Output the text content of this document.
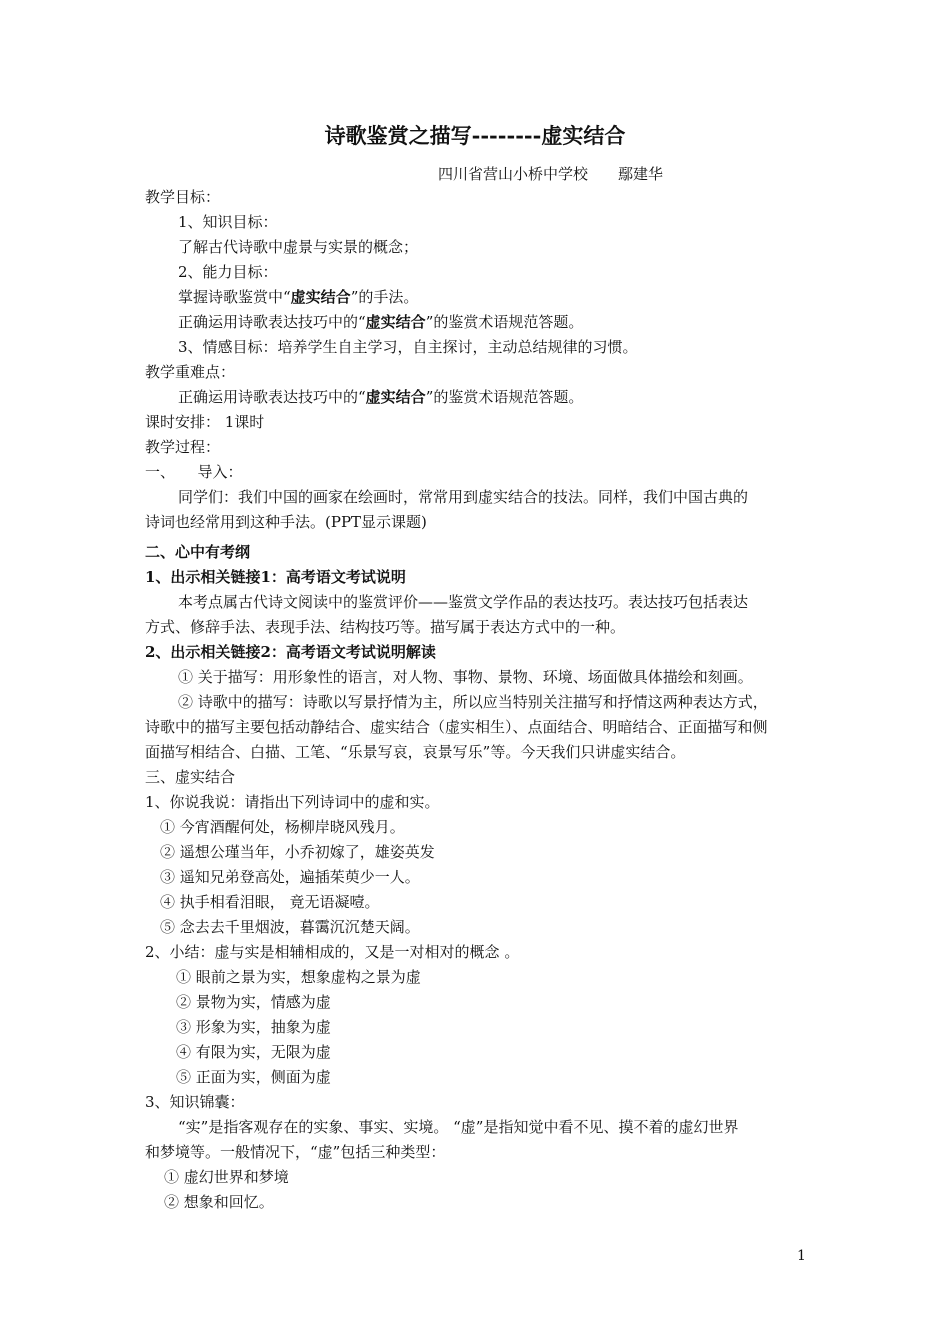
诗歌鉴赏之描写--------虚实结合
四川省营山小桥中学校　　鄢建华
教学目标：
1、知识目标：
了解古代诗歌中虚景与实景的概念；
2、能力目标：
掌握诗歌鉴赏中“虚实结合”的手法。
正确运用诗歌表达技巧中的“虚实结合”的鉴赏术语规范答题。
3、情感目标：培养学生自主学习，自主探讨，主动总结规律的习惯。
教学重难点：
正确运用诗歌表达技巧中的“虚实结合”的鉴赏术语规范答题。
课时安排： 1课时
教学过程：
一、　　导入：
同学们：我们中国的画家在绘画时，常常用到虚实结合的技法。同样，我们中国古典的
诗词也经常用到这种手法。(PPT显示课题)
二、心中有考纲
1、出示相关链接1：高考语文考试说明
本考点属古代诗文阅读中的鉴赏评价——鉴赏文学作品的表达技巧。表达技巧包括表达
方式、修辞手法、表现手法、结构技巧等。描写属于表达方式中的一种。
2、出示相关链接2：高考语文考试说明解读
① 关于描写：用形象性的语言，对人物、事物、景物、环境、场面做具体描绘和刻画。
② 诗歌中的描写：诗歌以写景抒情为主，所以应当特别关注描写和抒情这两种表达方式，
诗歌中的描写主要包括动静结合、虚实结合（虚实相生）、点面结合、明暗结合、正面描写和侧
面描写相结合、白描、工笔、“乐景写哀，哀景写乐”等。今天我们只讲虚实结合。
三、虚实结合
1、你说我说：请指出下列诗词中的虚和实。
① 今宵酒醒何处，杨柳岸晓风残月。
② 遥想公瑾当年，小乔初嫁了，雄姿英发
③ 遥知兄弟登高处，遍插茱萸少一人。
④ 执手相看泪眼， 竟无语凝噎。
⑤ 念去去千里烟波，暮霭沉沉楚天阔。
2、小结：虚与实是相辅相成的，又是一对相对的概念 。
① 眼前之景为实，想象虚构之景为虚
② 景物为实，情感为虚
③ 形象为实，抽象为虚
④ 有限为实，无限为虚
⑤ 正面为实，侧面为虚
3、知识锦囊：
“实”是指客观存在的实象、事实、实境。 “虚”是指知觉中看不见、摸不着的虚幻世界
和梦境等。一般情况下，“虚”包括三种类型：
① 虚幻世界和梦境
② 想象和回忆。
1
